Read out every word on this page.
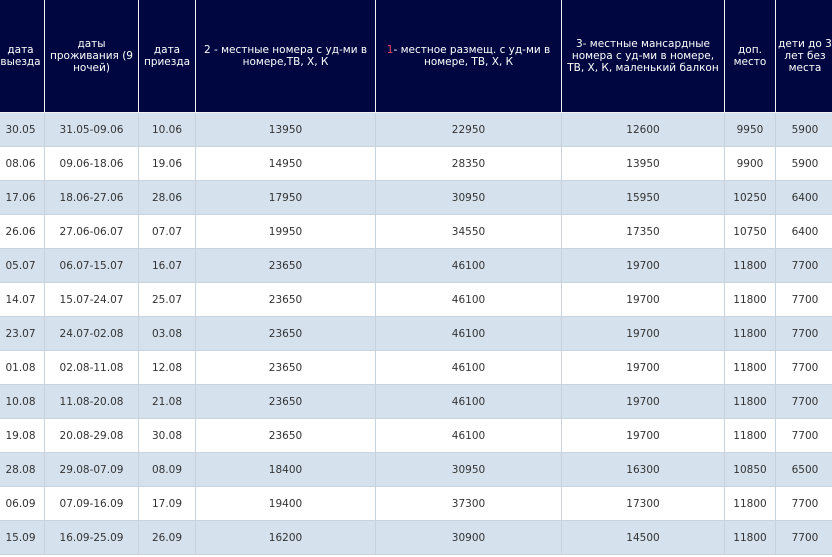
дата выезда	даты проживания (9 ночей)	дата приезда	2 - местные номера с уд-ми в номере,ТВ, Х, К	1- местное размещ. с уд-ми в номере, ТВ, Х, К	3- местные мансардные номера с уд-ми в номере, ТВ, Х, К, маленький балкон	доп. место	дети до 3 лет без места
30.05	31.05-09.06	10.06	13950	22950	12600	9950	5900
08.06	09.06-18.06	19.06	14950	28350	13950	9900	5900
17.06	18.06-27.06	28.06	17950	30950	15950	10250	6400
26.06	27.06-06.07	07.07	19950	34550	17350	10750	6400
05.07	06.07-15.07	16.07	23650	46100	19700	11800	7700
14.07	15.07-24.07	25.07	23650	46100	19700	11800	7700
23.07	24.07-02.08	03.08	23650	46100	19700	11800	7700
01.08	02.08-11.08	12.08	23650	46100	19700	11800	7700
10.08	11.08-20.08	21.08	23650	46100	19700	11800	7700
19.08	20.08-29.08	30.08	23650	46100	19700	11800	7700
28.08	29.08-07.09	08.09	18400	30950	16300	10850	6500
06.09	07.09-16.09	17.09	19400	37300	17300	11800	7700
15.09	16.09-25.09	26.09	16200	30900	14500	11800	7700
